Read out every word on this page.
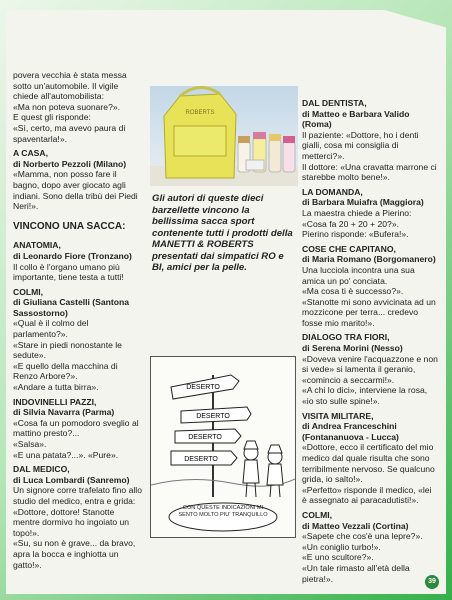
povera vecchia è stata messa sotto un'automobile. Il vigile chiede all'automobilista:
«Ma non poteva suonare?».
E quest gli risponde:
«Sì, certo, ma avevo paura di spaventarla!».

A CASA,
di Norberto Pezzoli (Milano)

«Mamma, non posso fare il bagno, dopo aver giocato agli indiani. Sono della tribù dei Piedi Neri!».

VINCONO UNA SACCA:
ANATOMIA,
di Leonardo Fiore (Tronzano)

Il collo è l'organo umano più importante, tiene testa a tutti!

COLMI,
di Giuliana Castelli (Santona Sassostorno)

«Qual è il colmo del parlamento?».
«Stare in piedi nonostante le sedute».
«E quello della macchina di Renzo Arbore?».
«Andare a tutta birra».

INDOVINELLI PAZZI,
di Silvia Navarra (Parma)

«Cosa fa un pomodoro sveglio al mattino presto?...
«Salsa».
«E una patata?...». «Pure».

DAL MEDICO,
di Luca Lombardi (Sanremo)

Un signore corre trafelato fino allo studio del medico, entra e grida:
«Dottore, dottore! Stanotte mentre dormivo ho ingoiato un topo!».
«Su, su non è grave... da bravo, apra la bocca e inghiotta un gatto!».

ROBERTS
Gli autori di queste dieci barzellette vincono la bellissima sacca sport contenente tutti i prodotti della MANETTI & ROBERTS presentati dai simpatici RO e BI, amici per la pelle.
DESERTO
DESERTO
DESERTO
DESERTO
CON QUESTE INDICAZIONI MI SENTO MOLTO PIU' TRANQUILLO
DAL DENTISTA,
di Matteo e Barbara Valido (Roma)

Il paziente: «Dottore, ho i denti gialli, cosa mi consiglia di metterci?».
Il dottore: «Una cravatta marrone ci starebbe molto bene!».

LA DOMANDA,
di Barbara Muiafra (Maggiora)

La maestra chiede a Pierino:
«Cosa fa 20 + 20 + 20?».
Pierino risponde: «Bufera!».

COSE CHE CAPITANO,
di Maria Romano (Borgomanero)

Una lucciola incontra una sua amica un po' conciata.
«Ma cosa ti è successo?».
«Stanotte mi sono avvicinata ad un mozzicone per terra... credevo fosse mio marito!».

DIALOGO TRA FIORI,
di Serena Morini (Nesso)

«Doveva venire l'acquazzone e non si vede» si lamenta il geranio, «comincio a seccarmi!».
«A chi lo dici», interviene la rosa, «io sto sulle spine!».

VISITA MILITARE,
di Andrea Franceschini (Fontananuova - Lucca)

«Dottore, ecco il certificato del mio medico dal quale risulta che sono terribilmente nervoso. Se qualcuno grida, io salto!».
«Perfetto» risponde il medico, «lei è assegnato ai paracadutisti!».

COLMI,
di Matteo Vezzali (Cortina)

«Sapete che cos'è una lepre?».
«Un coniglio turbo!».
«E uno scultore?».
«Un tale rimasto all'età della pietra!».	39
